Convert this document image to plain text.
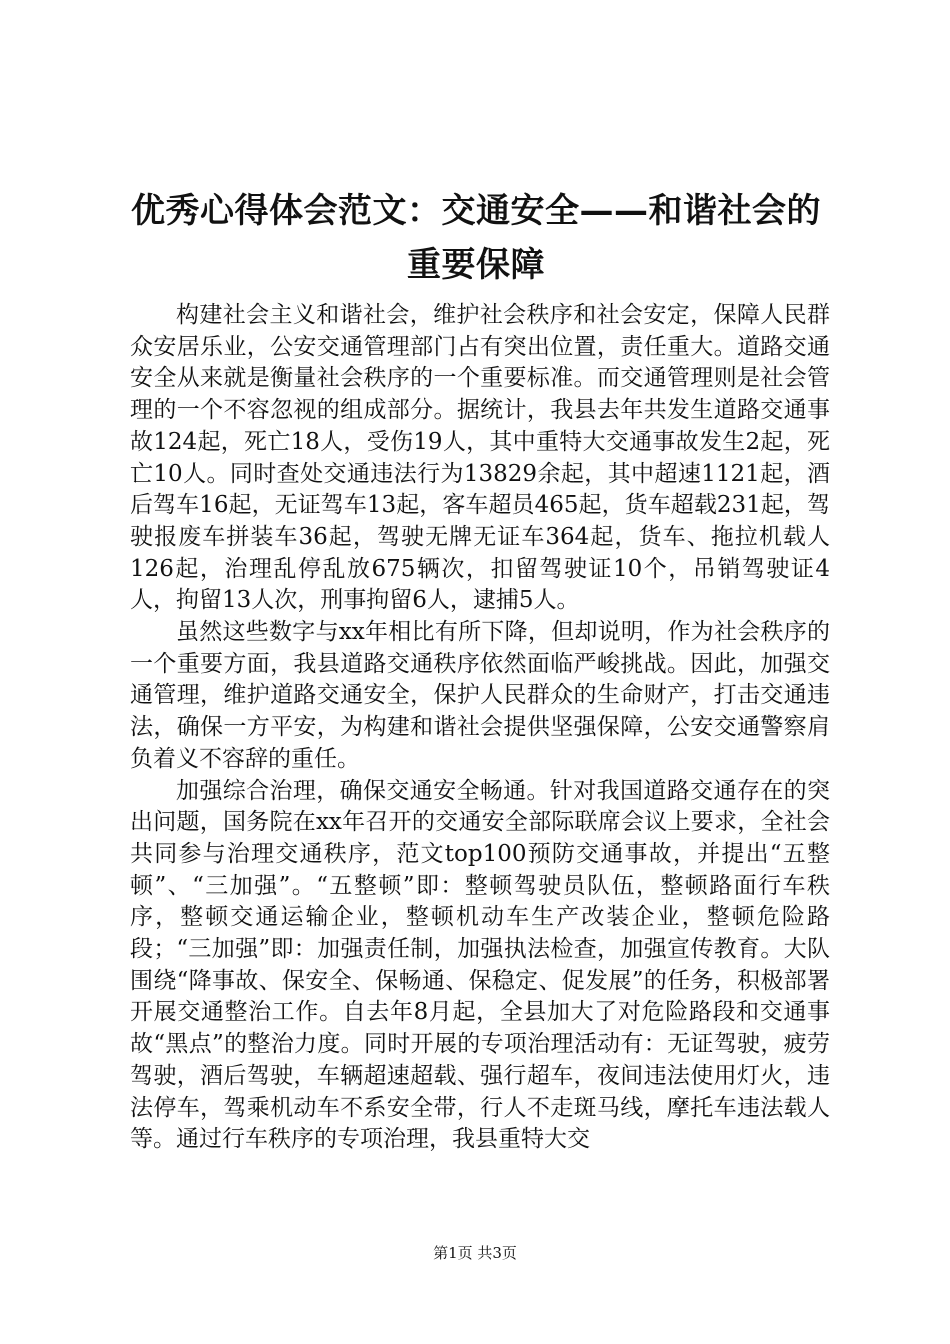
优秀心得体会范文：交通安全——和谐社会的
重要保障

构建社会主义和谐社会，维护社会秩序和社会安定，保障人民群众安居乐业，公安交通管理部门占有突出位置，责任重大。道路交通安全从来就是衡量社会秩序的一个重要标准。而交通管理则是社会管理的一个不容忽视的组成部分。据统计，我县去年共发生道路交通事故124起，死亡18人，受伤19人，其中重特大交通事故发生2起，死亡10人。同时查处交通违法行为13829余起，其中超速1121起，酒后驾车16起，无证驾车13起，客车超员465起，货车超载231起，驾驶报废车拼装车36起，驾驶无牌无证车364起，货车、拖拉机载人126起，治理乱停乱放675辆次，扣留驾驶证10个，吊销驾驶证4人，拘留13人次，刑事拘留6人，逮捕5人。

虽然这些数字与xx年相比有所下降，但却说明，作为社会秩序的一个重要方面，我县道路交通秩序依然面临严峻挑战。因此，加强交通管理，维护道路交通安全，保护人民群众的生命财产，打击交通违法，确保一方平安，为构建和谐社会提供坚强保障，公安交通警察肩负着义不容辞的重任。

加强综合治理，确保交通安全畅通。针对我国道路交通存在的突出问题，国务院在xx年召开的交通安全部际联席会议上要求，全社会共同参与治理交通秩序，范文top100预防交通事故，并提出“五整顿”、“三加强”。“五整顿”即：整顿驾驶员队伍，整顿路面行车秩序，整顿交通运输企业，整顿机动车生产改装企业，整顿危险路段；“三加强”即：加强责任制，加强执法检查，加强宣传教育。大队围绕“降事故、保安全、保畅通、保稳定、促发展”的任务，积极部署开展交通整治工作。自去年8月起，全县加大了对危险路段和交通事故“黑点”的整治力度。同时开展的专项治理活动有：无证驾驶，疲劳驾驶，酒后驾驶，车辆超速超载、强行超车，夜间违法使用灯火，违法停车，驾乘机动车不系安全带，行人不走斑马线，摩托车违法载人等。通过行车秩序的专项治理，我县重特大交

第1页 共3页
